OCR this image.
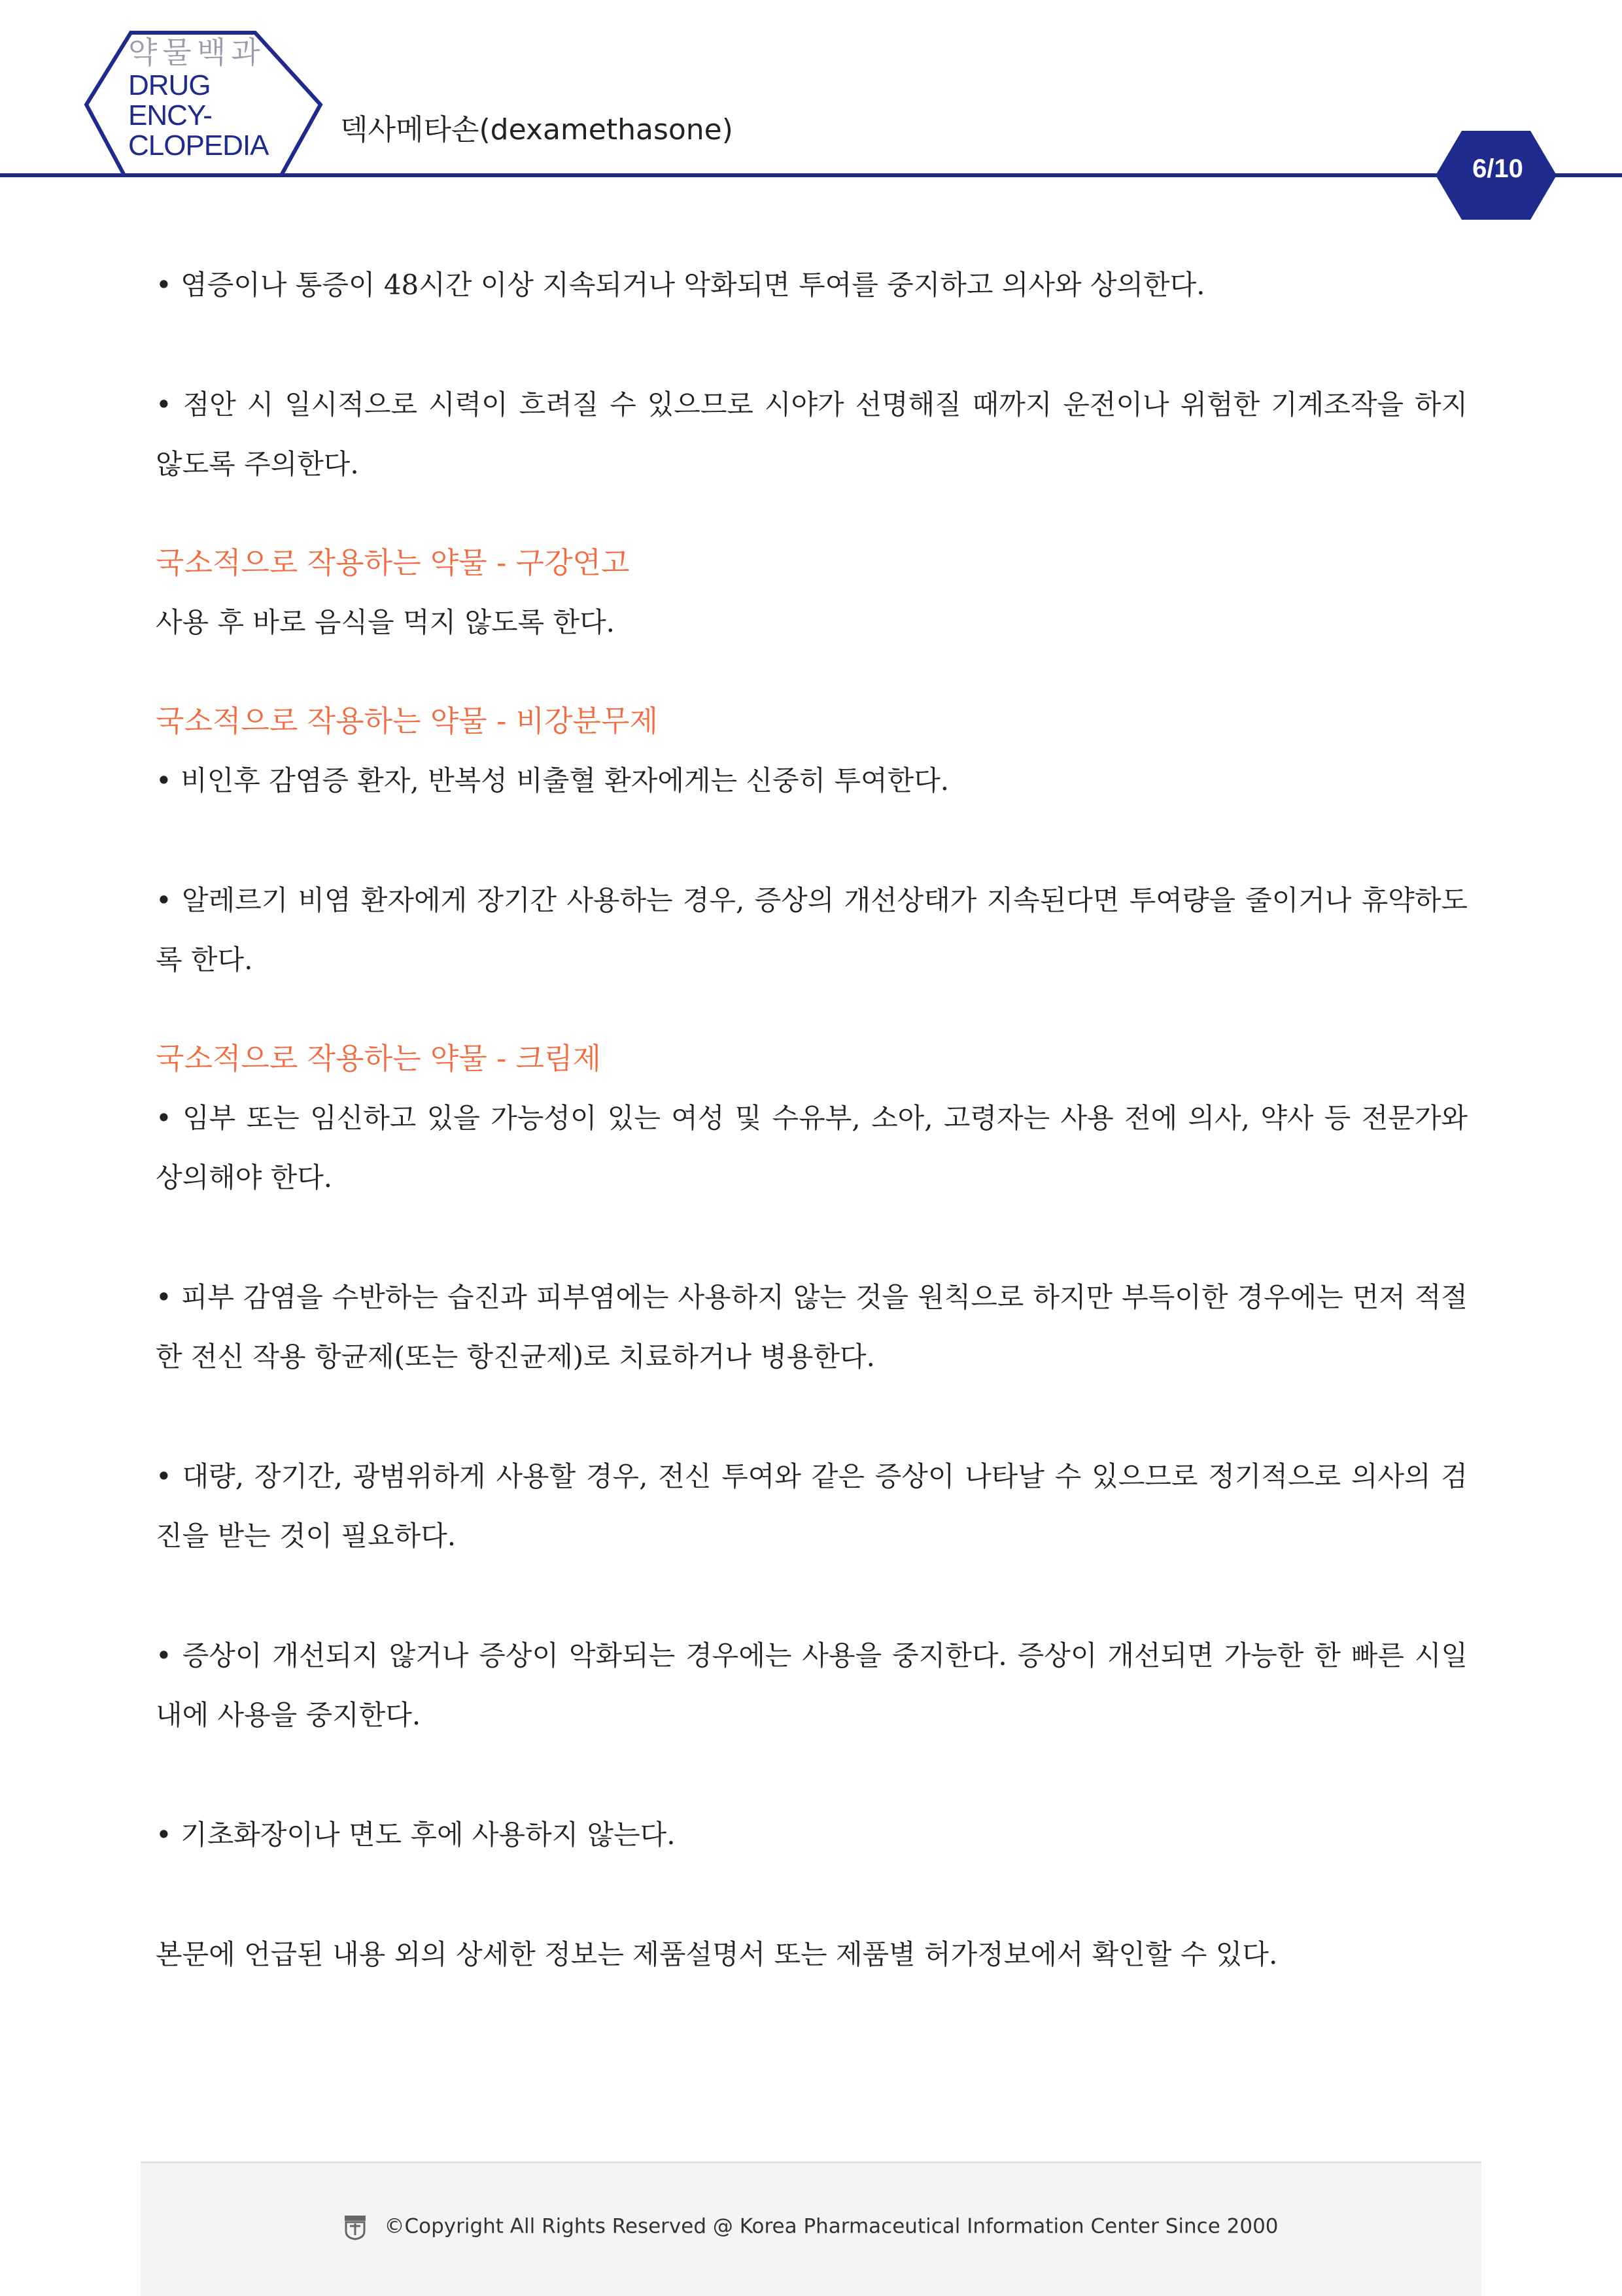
약물백과
DRUG ENCY-
CLOPEDIA	덱사메타손(dexamethasone)
6/10

• 염증이나 통증이 48시간 이상 지속되거나 악화되면 투여를 중지하고 의사와 상의한다.

• 점안 시 일시적으로 시력이 흐려질 수 있으므로 시야가 선명해질 때까지 운전이나 위험한 기계조작을 하지 않도록 주의한다.

국소적으로 작용하는 약물 - 구강연고

사용 후 바로 음식을 먹지 않도록 한다.

국소적으로 작용하는 약물 - 비강분무제

• 비인후 감염증 환자, 반복성 비출혈 환자에게는 신중히 투여한다.

• 알레르기 비염 환자에게 장기간 사용하는 경우, 증상의 개선상태가 지속된다면 투여량을 줄이거나 휴약하도록 한다.

국소적으로 작용하는 약물 - 크림제

• 임부 또는 임신하고 있을 가능성이 있는 여성 및 수유부, 소아, 고령자는 사용 전에 의사, 약사 등 전문가와 상의해야 한다.

• 피부 감염을 수반하는 습진과 피부염에는 사용하지 않는 것을 원칙으로 하지만 부득이한 경우에는 먼저 적절한 전신 작용 항균제(또는 항진균제)로 치료하거나 병용한다.

• 대량, 장기간, 광범위하게 사용할 경우, 전신 투여와 같은 증상이 나타날 수 있으므로 정기적으로 의사의 검진을 받는 것이 필요하다.

• 증상이 개선되지 않거나 증상이 악화되는 경우에는 사용을 중지한다. 증상이 개선되면 가능한 한 빠른 시일 내에 사용을 중지한다.

• 기초화장이나 면도 후에 사용하지 않는다.

본문에 언급된 내용 외의 상세한 정보는 제품설명서 또는 제품별 허가정보에서 확인할 수 있다.

©Copyright All Rights Reserved @ Korea Pharmaceutical Information Center Since 2000
